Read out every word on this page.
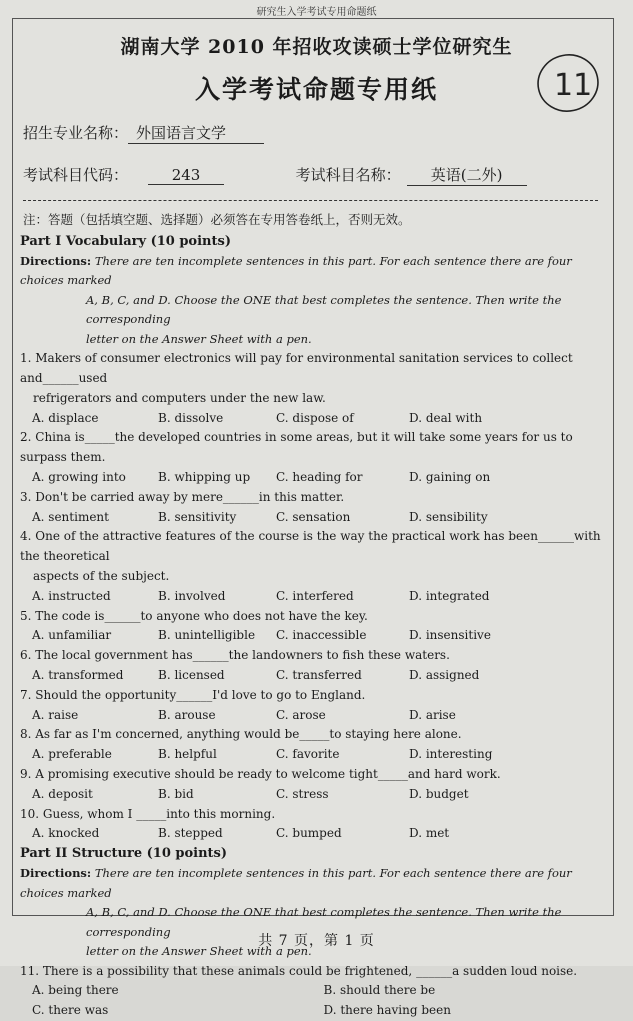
研究生入学考试专用命题纸
湖南大学 2010 年招收攻读硕士学位研究生
入学考试命题专用纸	11
招生专业名称： 外国语言文学
考试科目代码：	243	考试科目名称： 英语(二外)
注：答题（包括填空题、选择题）必须答在专用答卷纸上，否则无效。
Part I Vocabulary (10 points)
Directions: There are ten incomplete sentences in this part. For each sentence there are four choices marked
A, B, C, and D. Choose the ONE that best completes the sentence. Then write the corresponding
letter on the Answer Sheet with a pen.
1. Makers of consumer electronics will pay for environmental sanitation services to collect and______used
refrigerators and computers under the new law.
A. displace	B. dissolve	C. dispose of	D. deal with
2. China is_____the developed countries in some areas, but it will take some years for us to surpass them.
A. growing into	B. whipping up	C. heading for	D. gaining on
3. Don't be carried away by mere______in this matter.
A. sentiment	B. sensitivity	C. sensation	D. sensibility
4. One of the attractive features of the course is the way the practical work has been______with the theoretical
aspects of the subject.
A. instructed	B. involved	C. interfered	D. integrated
5. The code is______to anyone who does not have the key.
A. unfamiliar	B. unintelligible	C. inaccessible	D. insensitive
6. The local government has______the landowners to fish these waters.
A. transformed	B. licensed	C. transferred	D. assigned
7. Should the opportunity______I'd love to go to England.
A. raise	B. arouse	C. arose	D. arise
8. As far as I'm concerned, anything would be_____to staying here alone.
A. preferable	B. helpful	C. favorite	D. interesting
9. A promising executive should be ready to welcome tight_____and hard work.
A. deposit	B. bid	C. stress	D. budget
10. Guess, whom I _____into this morning.
A. knocked	B. stepped	C. bumped	D. met
Part II Structure (10 points)
Directions: There are ten incomplete sentences in this part. For each sentence there are four choices marked
A, B, C, and D. Choose the ONE that best completes the sentence. Then write the corresponding
letter on the Answer Sheet with a pen.
11. There is a possibility that these animals could be frightened, ______a sudden loud noise.
A. being there	B. should there be
C. there was	D. there having been
共 7 页，第 1 页
